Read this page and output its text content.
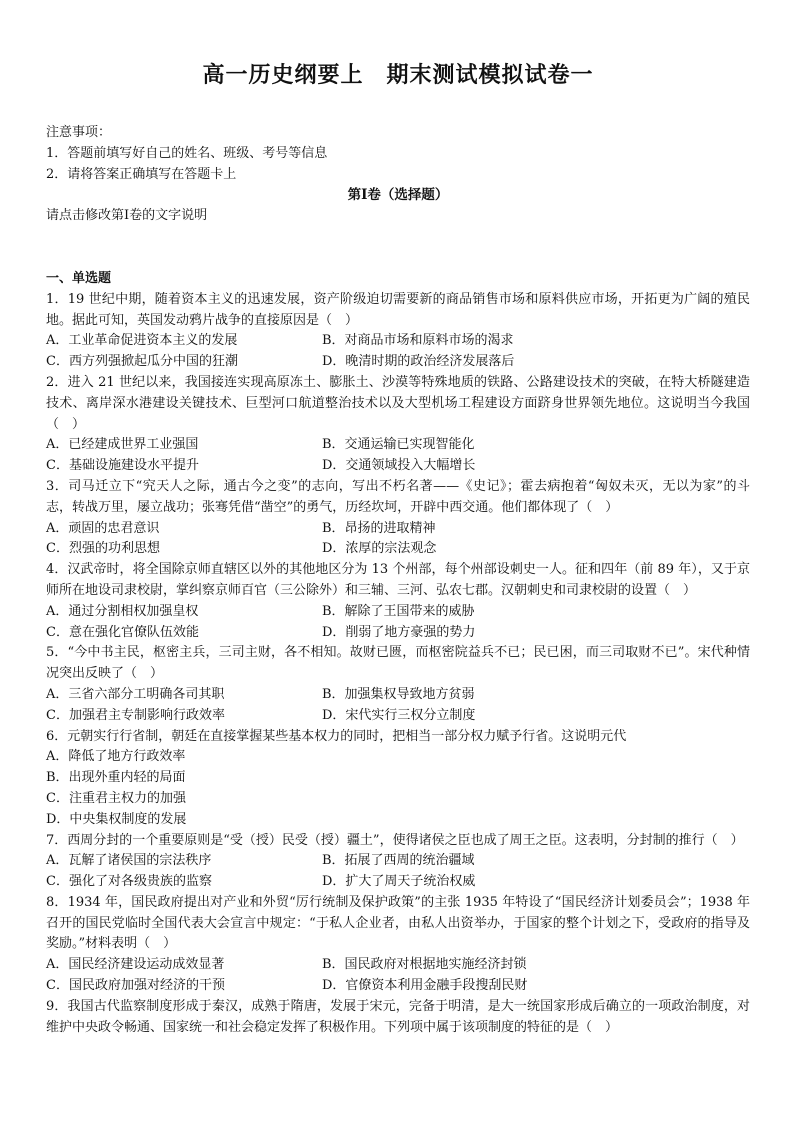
高一历史纲要上　期末测试模拟试卷一

注意事项：

1．答题前填写好自己的姓名、班级、考号等信息

2．请将答案正确填写在答题卡上

第I卷（选择题）

请点击修改第I卷的文字说明

一、单选题
1．19 世纪中期，随着资本主义的迅速发展，资产阶级迫切需要新的商品销售市场和原料供应市场，开拓更为广阔的殖民地。据此可知，英国发动鸦片战争的直接原因是（　）
A．工业革命促进资本主义的发展	B．对商品市场和原料市场的渴求
C．西方列强掀起瓜分中国的狂潮	D．晚清时期的政治经济发展落后
2．进入 21 世纪以来，我国接连实现高原冻土、膨胀土、沙漠等特殊地质的铁路、公路建设技术的突破，在特大桥隧建造技术、离岸深水港建设关键技术、巨型河口航道整治技术以及大型机场工程建设方面跻身世界领先地位。这说明当今我国（　）
A．已经建成世界工业强国	B．交通运输已实现智能化
C．基础设施建设水平提升	D．交通领域投入大幅增长
3．司马迁立下“究天人之际，通古今之变”的志向，写出不朽名著——《史记》；霍去病抱着“匈奴未灭，无以为家”的斗志，转战万里，屡立战功；张骞凭借“凿空”的勇气，历经坎坷，开辟中西交通。他们都体现了（　）
A．顽固的忠君意识	B．昂扬的进取精神
C．烈强的功利思想	D．浓厚的宗法观念
4．汉武帝时，将全国除京师直辖区以外的其他地区分为 13 个州部，每个州部设刺史一人。征和四年（前 89 年），又于京师所在地设司隶校尉，掌纠察京师百官（三公除外）和三辅、三河、弘农七郡。汉朝刺史和司隶校尉的设置（　）
A．通过分割相权加强皇权	B．解除了王国带来的威胁
C．意在强化官僚队伍效能	D．削弱了地方豪强的势力
5．“今中书主民，枢密主兵，三司主财，各不相知。故财已匮，而枢密院益兵不已；民已困，而三司取财不已”。宋代种情况突出反映了（　）
A．三省六部分工明确各司其职	B．加强集权导致地方贫弱
C．加强君主专制影响行政效率	D．宋代实行三权分立制度
6．元朝实行行省制，朝廷在直接掌握某些基本权力的同时，把相当一部分权力赋予行省。这说明元代
A．降低了地方行政效率
B．出现外重内轻的局面
C．注重君主权力的加强
D．中央集权制度的发展
7．西周分封的一个重要原则是“受（授）民受（授）疆土”，使得诸侯之臣也成了周王之臣。这表明，分封制的推行（　）
A．瓦解了诸侯国的宗法秩序	B．拓展了西周的统治疆域
C．强化了对各级贵族的监察	D．扩大了周天子统治权威
8．1934 年，国民政府提出对产业和外贸“厉行统制及保护政策”的主张 1935 年特设了“国民经济计划委员会”；1938 年召开的国民党临时全国代表大会宣言中规定：“于私人企业者，由私人出资举办，于国家的整个计划之下，受政府的指导及奖励。”材料表明（　）
A．国民经济建设运动成效显著	B．国民政府对根据地实施经济封锁
C．国民政府加强对经济的干预	D．官僚资本利用金融手段搜刮民财
9．我国古代监察制度形成于秦汉，成熟于隋唐，发展于宋元，完备于明清，是大一统国家形成后确立的一项政治制度，对维护中央政令畅通、国家统一和社会稳定发挥了积极作用。下列项中属于该项制度的特征的是（　）
